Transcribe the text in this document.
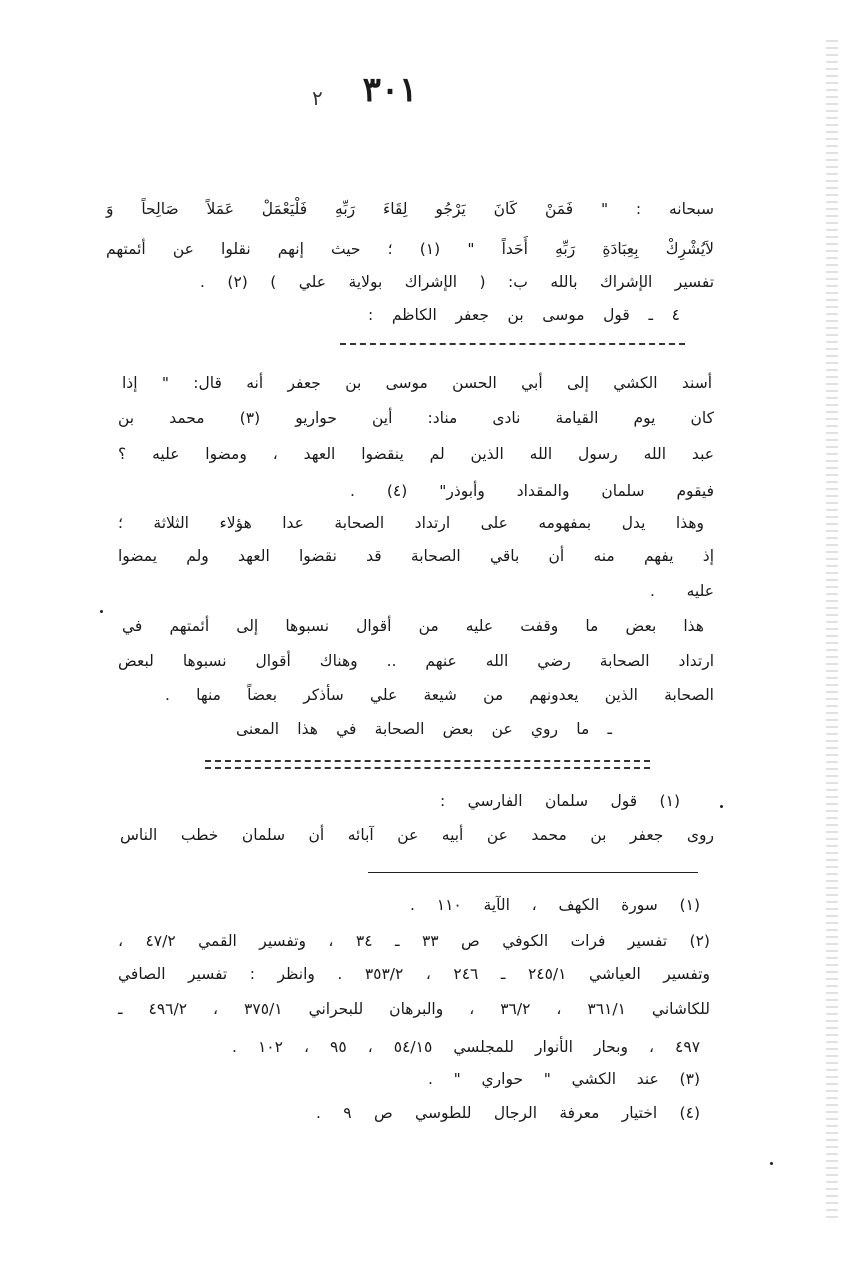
٣٠١
٢
سبحانه : " فَمَنْ كَانَ يَرْجُو لِقَاءَ رَبِّهِ فَلْيَعْمَلْ عَمَلاً صَالِحاً وَ
لاَيُشْرِكْ بِعِبَادَةِ رَبِّهِ أَحَداً " (١) ؛ حيث إنهم نقلوا عن أئمتهم
تفسير الإشراك بالله ب: ( الإشراك بولاية علي ) (٢) .
٤ ـ قول موسى بن جعفر الكاظم :
أسند الكشي إلى أبي الحسن موسى بن جعفر أنه قال: " إذا
كان يوم القيامة نادى مناد: أين حواريو (٣) محمد بن
عبد الله رسول الله الذين لم ينقضوا العهد ، ومضوا عليه ؟
فيقوم سلمان والمقداد وأبوذر" (٤) .
وهذا يدل بمفهومه على ارتداد الصحابة عدا هؤلاء الثلاثة ؛
إذ يفهم منه أن باقي الصحابة قد نقضوا العهد ولم يمضوا
عليه .
هذا بعض ما وقفت عليه من أقوال نسبوها إلى أئمتهم في
ارتداد الصحابة رضي الله عنهم .. وهناك أقوال نسبوها لبعض
الصحابة الذين يعدونهم من شيعة علي سأذكر بعضاً منها .
ـ ما روي عن بعض الصحابة في هذا المعنى
(١) قول سلمان الفارسي :
روى جعفر بن محمد عن أبيه عن آبائه أن سلمان خطب الناس
(١) سورة الكهف ، الآية ١١٠ .
(٢) تفسير فرات الكوفي ص ٣٣ ـ ٣٤ ، وتفسير القمي ٤٧/٢ ،
وتفسير العياشي ٢٤٥/١ ـ ٢٤٦ ، ٣٥٣/٢ . وانظر : تفسير الصافي
للكاشاني ٣٦١/١ ، ٣٦/٢ ، والبرهان للبحراني ٣٧٥/١ ، ٤٩٦/٢ ـ
٤٩٧ ، وبحار الأنوار للمجلسي ٥٤/١٥ ، ٩٥ ، ١٠٢ .
(٣) عند الكشي " حواري " .
(٤) اختيار معرفة الرجال للطوسي ص ٩ .
